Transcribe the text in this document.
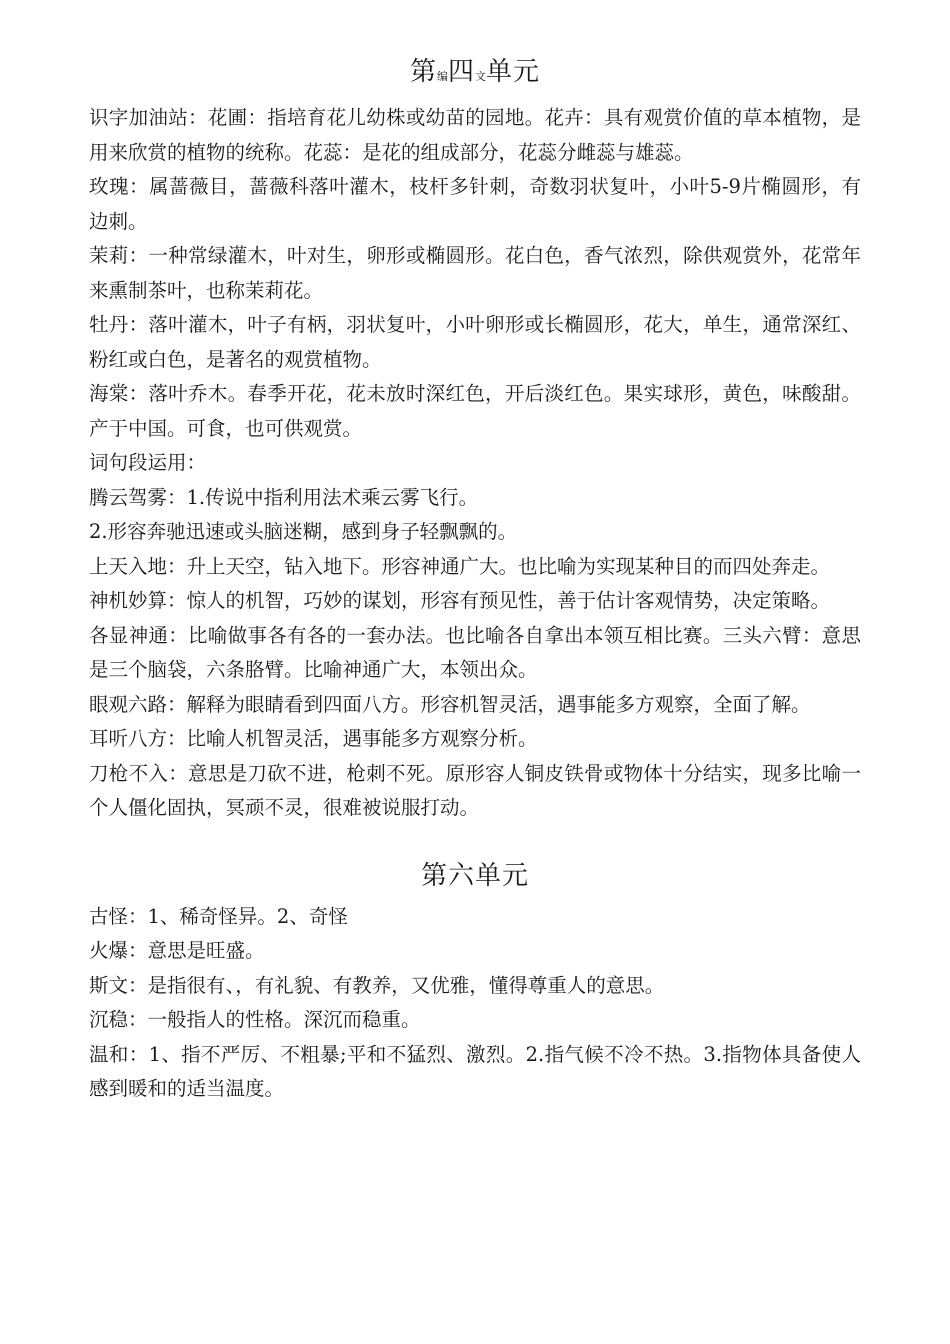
第编四文单元

识字加油站：花圃：指培育花儿幼株或幼苗的园地。花卉：具有观赏价值的草本植物，是用来欣赏的植物的统称。花蕊：是花的组成部分，花蕊分雌蕊与雄蕊。

玫瑰：属蔷薇目，蔷薇科落叶灌木，枝杆多针刺，奇数羽状复叶，小叶5-9片椭圆形，有边刺。

茉莉：一种常绿灌木，叶对生，卵形或椭圆形。花白色，香气浓烈，除供观赏外，花常年来熏制茶叶，也称茉莉花。

牡丹：落叶灌木，叶子有柄，羽状复叶，小叶卵形或长椭圆形，花大，单生，通常深红、粉红或白色，是著名的观赏植物。

海棠：落叶乔木。春季开花，花未放时深红色，开后淡红色。果实球形，黄色，味酸甜。产于中国。可食，也可供观赏。

词句段运用：

腾云驾雾：1.传说中指利用法术乘云雾飞行。

2.形容奔驰迅速或头脑迷糊，感到身子轻飘飘的。

上天入地：升上天空，钻入地下。形容神通广大。也比喻为实现某种目的而四处奔走。

神机妙算：惊人的机智，巧妙的谋划，形容有预见性，善于估计客观情势，决定策略。

各显神通：比喻做事各有各的一套办法。也比喻各自拿出本领互相比赛。三头六臂：意思是三个脑袋，六条胳臂。比喻神通广大，本领出众。

眼观六路：解释为眼睛看到四面八方。形容机智灵活，遇事能多方观察，全面了解。

耳听八方：比喻人机智灵活，遇事能多方观察分析。

刀枪不入：意思是刀砍不进，枪刺不死。原形容人铜皮铁骨或物体十分结实，现多比喻一个人僵化固执，冥顽不灵，很难被说服打动。

第六单元

古怪：1、稀奇怪异。2、奇怪

火爆：意思是旺盛。

斯文：是指很有、，有礼貌、有教养，又优雅，懂得尊重人的意思。

沉稳：一般指人的性格。深沉而稳重。

温和：1、指不严厉、不粗暴;平和不猛烈、激烈。2.指气候不冷不热。3.指物体具备使人感到暖和的适当温度。
